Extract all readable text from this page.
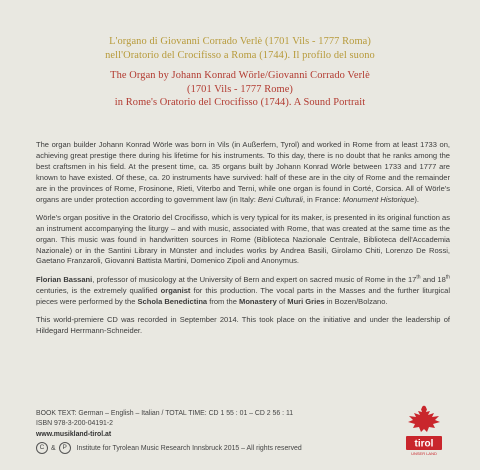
L'organo di Giovanni Corrado Verlè (1701 Vils - 1777 Roma)
nell'Oratorio del Crocifisso a Roma (1744). Il profilo del suono
The Organ by Johann Konrad Wörle/Giovanni Corrado Verlè
(1701 Vils - 1777 Rome)
in Rome's Oratorio del Crocifisso (1744). A Sound Portrait

The organ builder Johann Konrad Wörle was born in Vils (in Außerfern, Tyrol) and worked in Rome from at least 1733 on, achieving great prestige there during his lifetime for his instruments. To this day, there is no doubt that he ranks among the best craftsmen in his field. At the present time, ca. 35 organs built by Johann Konrad Wörle between 1733 and 1777 are known to have existed. Of these, ca. 20 instruments have survived: half of these are in the city of Rome and the remainder are in the provinces of Rome, Frosinone, Rieti, Viterbo and Terni, while one organ is found in Corté, Corsica. All of Wörle's organs are under protection according to government law (in Italy: Beni Culturali, in France: Monument Historique).

Wörle's organ positive in the Oratorio del Crocifisso, which is very typical for its maker, is presented in its original function as an instrument accompanying the liturgy – and with music, associated with Rome, that was created at the same time as the organ. This music was found in handwritten sources in Rome (Biblioteca Nazionale Centrale, Biblioteca dell'Accademia Nazionale) or in the Santini Library in Münster and includes works by Andrea Basili, Girolamo Chiti, Lorenzo De Rossi, Gaetano Franzaroli, Giovanni Battista Martini, Domenico Zipoli and Anonymus.

Florian Bassani, professor of musicology at the University of Bern and expert on sacred music of Rome in the 17th and 18th centuries, is the extremely qualified organist for this production. The vocal parts in the Masses and the further liturgical pieces were performed by the Schola Benedictina from the Monastery of Muri Gries in Bozen/Bolzano.

This world-premiere CD was recorded in September 2014. This took place on the initiative and under the leadership of Hildegard Herrmann-Schneider.

BOOK TEXT: German – English – Italian / TOTAL TIME: CD 1 55 : 01 – CD 2 56 : 11
ISBN 978-3-200-04191-2
www.musikland-tirol.at
C &	P	Institute for Tyrolean Music Research Innsbruck 2015 – All rights reserved	tirol
UNSER LAND
